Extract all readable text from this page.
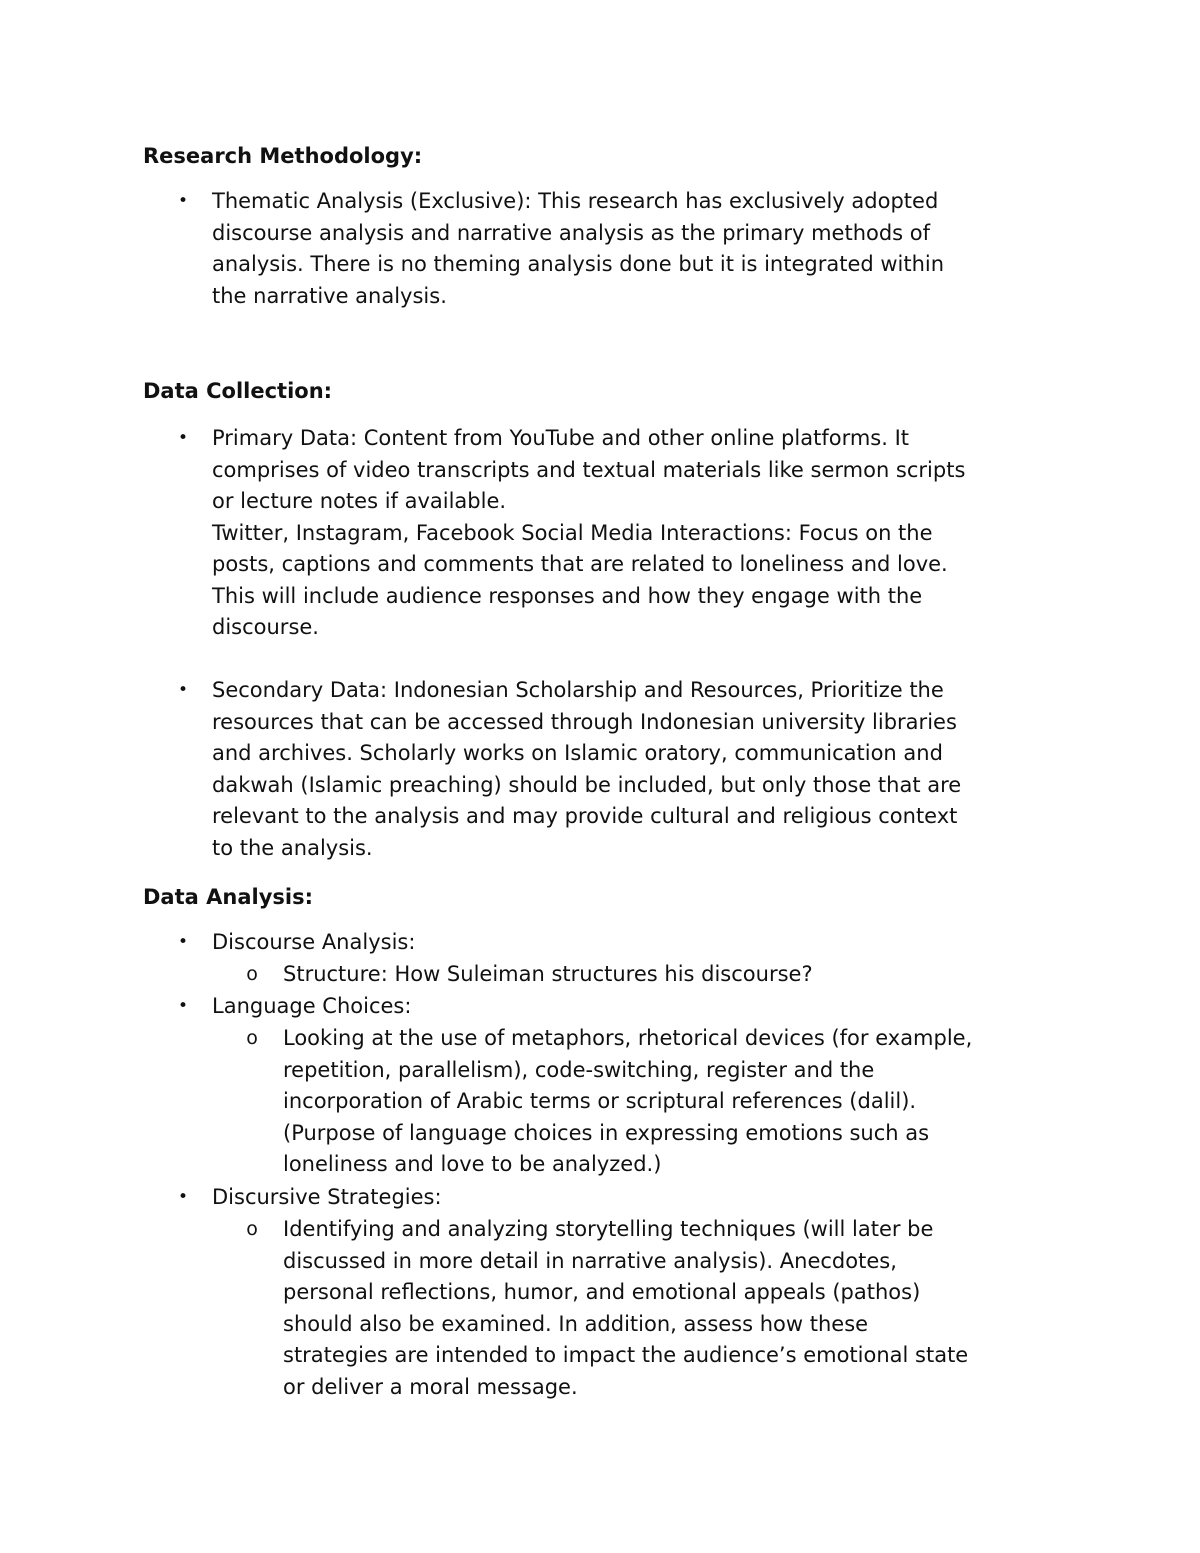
Research Methodology:
• Thematic Analysis (Exclusive): This research has exclusively adopted
discourse analysis and narrative analysis as the primary methods of
analysis. There is no theming analysis done but it is integrated within
the narrative analysis.
Data Collection:
• Primary Data: Content from YouTube and other online platforms. It
comprises of video transcripts and textual materials like sermon scripts
or lecture notes if available.
Twitter, Instagram, Facebook Social Media Interactions: Focus on the
posts, captions and comments that are related to loneliness and love.
This will include audience responses and how they engage with the
discourse.
• Secondary Data: Indonesian Scholarship and Resources, Prioritize the
resources that can be accessed through Indonesian university libraries
and archives. Scholarly works on Islamic oratory, communication and
dakwah (Islamic preaching) should be included, but only those that are
relevant to the analysis and may provide cultural and religious context
to the analysis.
Data Analysis:
• Discourse Analysis:
o Structure: How Suleiman structures his discourse?
• Language Choices:
o Looking at the use of metaphors, rhetorical devices (for example,
repetition, parallelism), code-switching, register and the
incorporation of Arabic terms or scriptural references (dalil).
(Purpose of language choices in expressing emotions such as
loneliness and love to be analyzed.)
• Discursive Strategies:
o Identifying and analyzing storytelling techniques (will later be
discussed in more detail in narrative analysis). Anecdotes,
personal reflections, humor, and emotional appeals (pathos)
should also be examined. In addition, assess how these
strategies are intended to impact the audience’s emotional state
or deliver a moral message.
